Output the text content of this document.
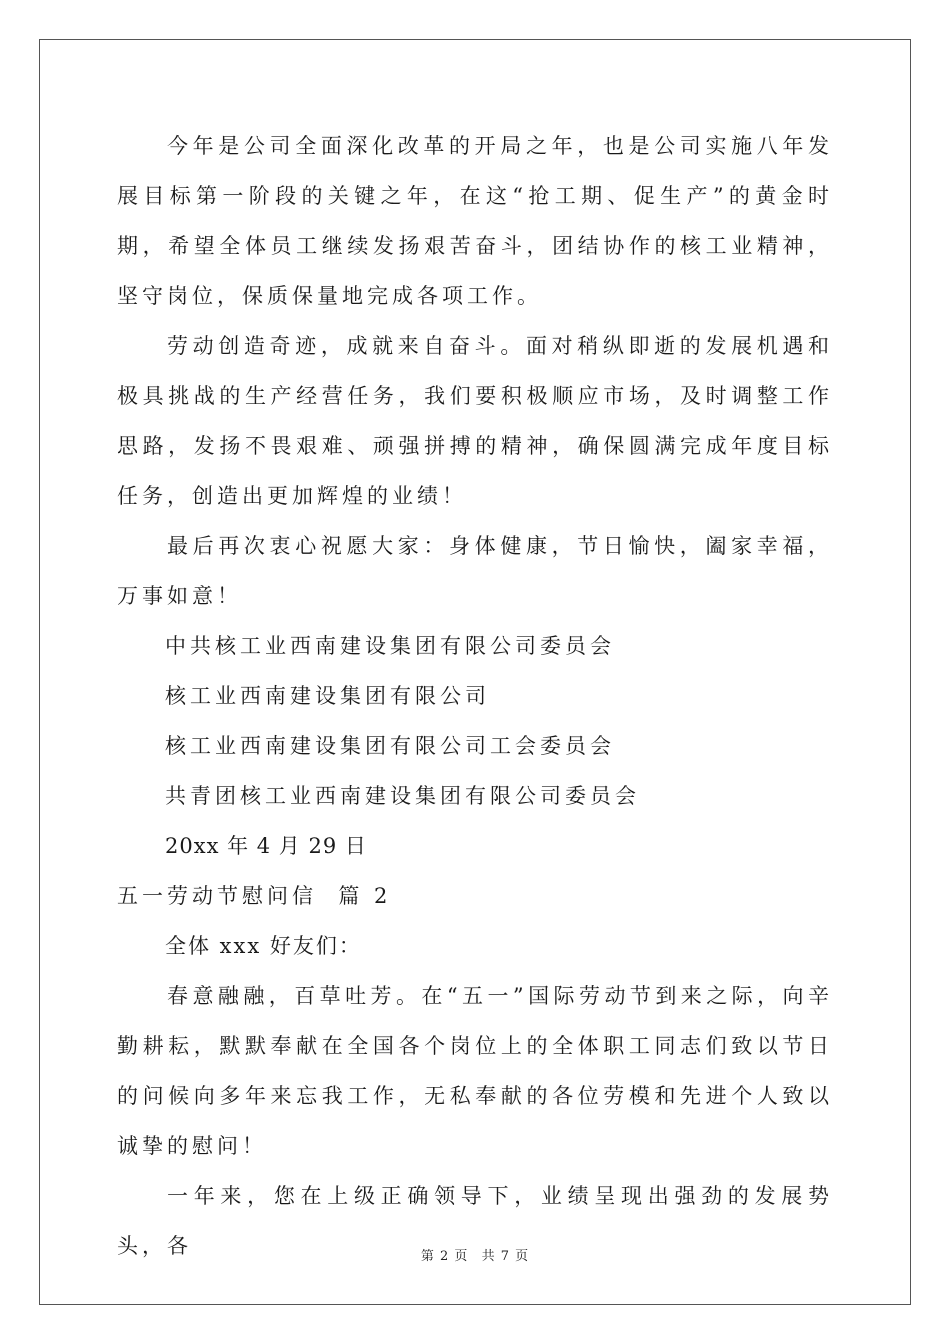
今年是公司全面深化改革的开局之年，也是公司实施八年发展目标第一阶段的关键之年，在这“抢工期、促生产”的黄金时期，希望全体员工继续发扬艰苦奋斗，团结协作的核工业精神，坚守岗位，保质保量地完成各项工作。

劳动创造奇迹，成就来自奋斗。面对稍纵即逝的发展机遇和极具挑战的生产经营任务，我们要积极顺应市场，及时调整工作思路，发扬不畏艰难、顽强拼搏的精神，确保圆满完成年度目标任务，创造出更加辉煌的业绩！

最后再次衷心祝愿大家：身体健康，节日愉快，阖家幸福，万事如意！

中共核工业西南建设集团有限公司委员会

核工业西南建设集团有限公司

核工业西南建设集团有限公司工会委员会

共青团核工业西南建设集团有限公司委员会

20xx 年 4 月 29 日

五一劳动节慰问信  篇 2

全体 xxx 好友们：

春意融融，百草吐芳。在“五一”国际劳动节到来之际，向辛勤耕耘，默默奉献在全国各个岗位上的全体职工同志们致以节日的问候向多年来忘我工作，无私奉献的各位劳模和先进个人致以诚挚的慰问！

一年来，您在上级正确领导下，业绩呈现出强劲的发展势头，各	第 2 页 共 7 页
